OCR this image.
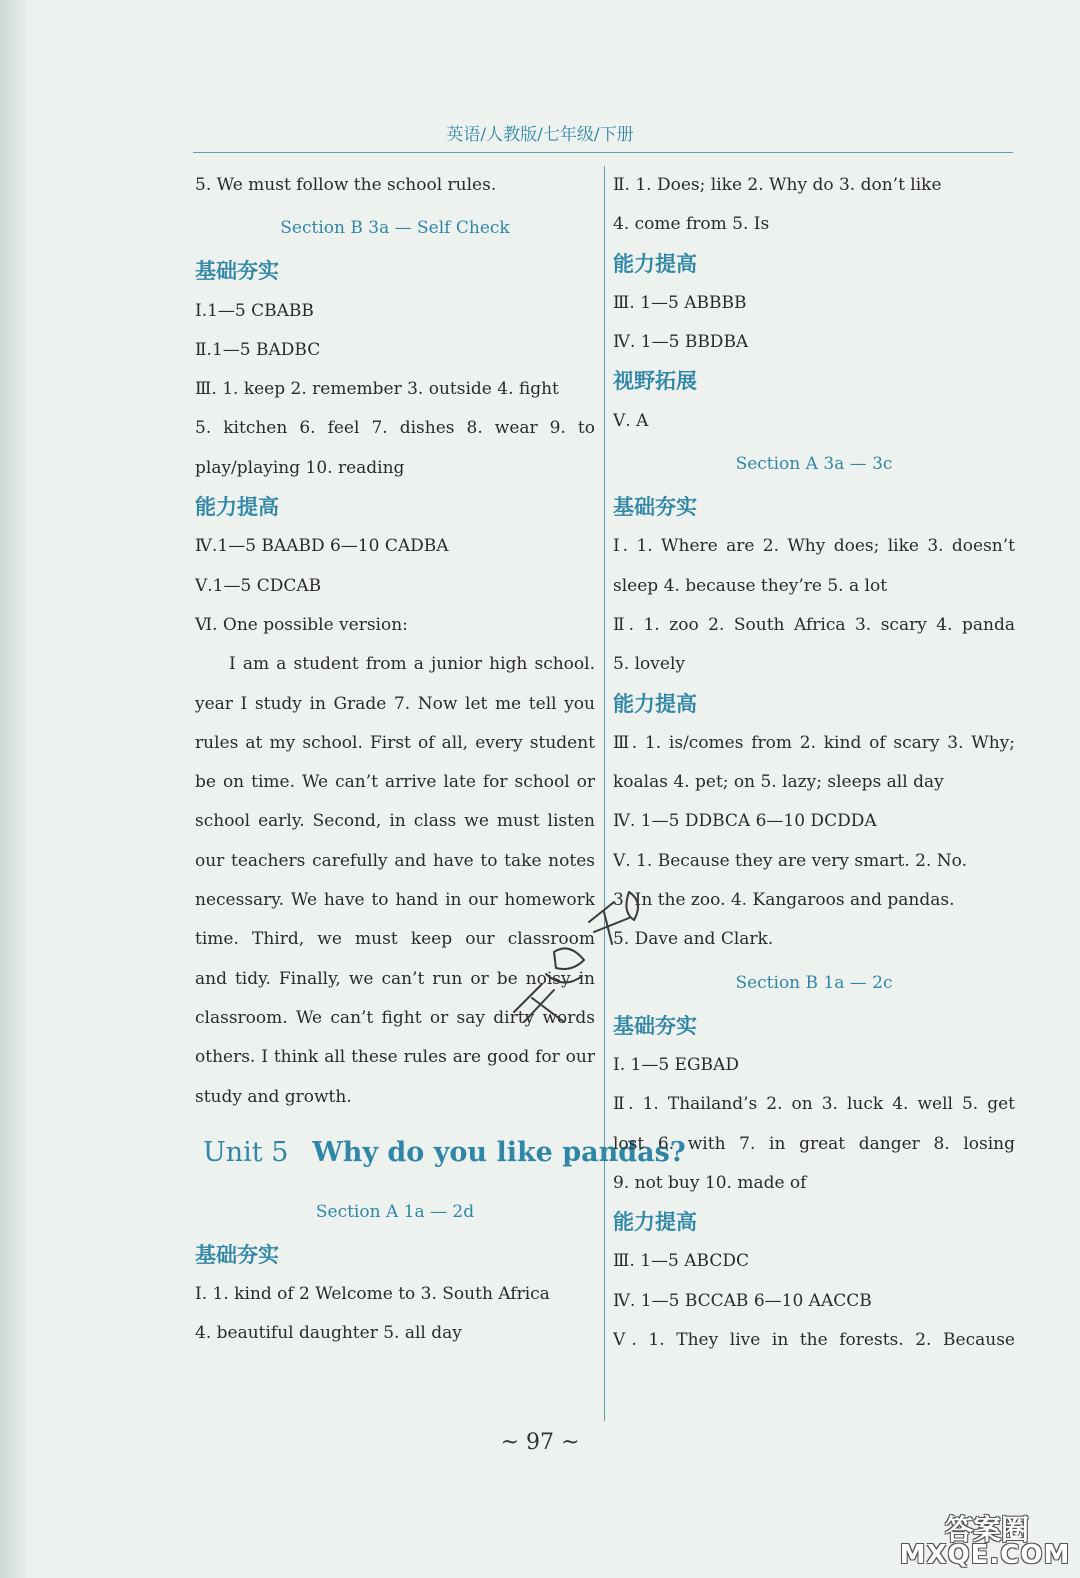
英语/人教版/七年级/下册
5. We must follow the school rules.
Section B 3a — Self Check
基础夯实
Ⅰ.1—5 CBABB
Ⅱ.1—5 BADBC
Ⅲ. 1. keep 2. remember 3. outside 4. fight
5. kitchen 6. feel 7. dishes 8. wear 9. to
play/playing 10. reading
能力提高
Ⅳ.1—5 BAABD 6—10 CADBA
Ⅴ.1—5 CDCAB
Ⅵ. One possible version:
I am a student from a junior high school.
year I study in Grade 7. Now let me tell you
rules at my school. First of all, every student
be on time. We can’t arrive late for school or
school early. Second, in class we must listen
our teachers carefully and have to take notes
necessary. We have to hand in our homework
time. Third, we must keep our classroom
and tidy. Finally, we can’t run or be noisy in
classroom. We can’t fight or say dirty words
others. I think all these rules are good for our
study and growth.
Unit 5 Why do you like pandas?
Section A 1a — 2d
基础夯实
Ⅰ. 1. kind of 2 Welcome to 3. South Africa
4. beautiful daughter 5. all day
Ⅱ. 1. Does; like 2. Why do 3. don’t like
4. come from 5. Is
能力提高
Ⅲ. 1—5 ABBBB
Ⅳ. 1—5 BBDBA
视野拓展
Ⅴ. A
Section A 3a — 3c
基础夯实
Ⅰ. 1. Where are 2. Why does; like 3. doesn’t
sleep 4. because they’re 5. a lot
Ⅱ. 1. zoo 2. South Africa 3. scary 4. panda
5. lovely
能力提高
Ⅲ. 1. is/comes from 2. kind of scary 3. Why;
koalas 4. pet; on 5. lazy; sleeps all day
Ⅳ. 1—5 DDBCA 6—10 DCDDA
Ⅴ. 1. Because they are very smart. 2. No.
3. In the zoo. 4. Kangaroos and pandas.
5. Dave and Clark.
Section B 1a — 2c
基础夯实
Ⅰ. 1—5 EGBAD
Ⅱ. 1. Thailand’s 2. on 3. luck 4. well 5. get
lost 6. with 7. in great danger 8. losing
9. not buy 10. made of
能力提高
Ⅲ. 1—5 ABCDC
Ⅳ. 1—5 BCCAB 6—10 AACCB
Ⅴ. 1. They live in the forests. 2. Because
~ 97 ~
答案圈
MXQE.COM
